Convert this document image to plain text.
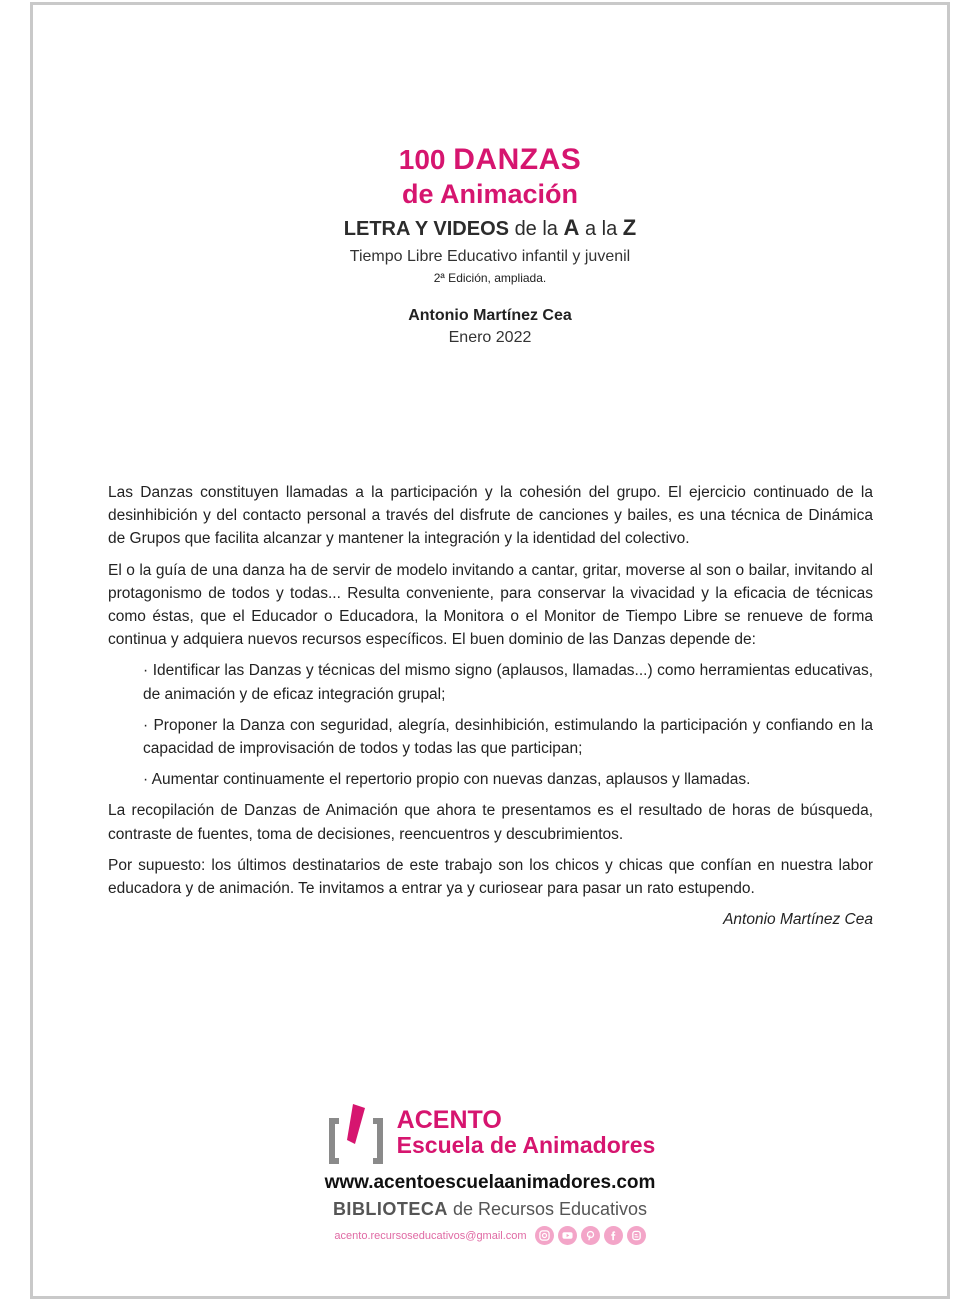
100 DANZAS
de Animación
LETRA Y VIDEOS de la A a la Z
Tiempo Libre Educativo infantil y juvenil
2ª Edición, ampliada.
Antonio Martínez Cea
Enero 2022

Las Danzas constituyen llamadas a la participación y la cohesión del grupo. El ejercicio continuado de la desinhibición y del contacto personal a través del disfrute de canciones y bailes, es una técnica de Dinámica de Grupos que facilita alcanzar y mantener la integración y la identidad del colectivo.

El o la guía de una danza ha de servir de modelo invitando a cantar, gritar, moverse al son o bailar, invitando al protagonismo de todos y todas... Resulta conveniente, para conservar la vivacidad y la eficacia de técnicas como éstas, que el Educador o Educadora, la Monitora o el Monitor de Tiempo Libre se renueve de forma continua y adquiera nuevos recursos específicos. El buen dominio de las Danzas depende de:

· Identificar las Danzas y técnicas del mismo signo (aplausos, llamadas...) como herramientas educativas, de animación y de eficaz integración grupal;
· Proponer la Danza con seguridad, alegría, desinhibición, estimulando la participación y confiando en la capacidad de improvisación de todos y todas las que participan;
· Aumentar continuamente el repertorio propio con nuevas danzas, aplausos y llamadas.

La recopilación de Danzas de Animación que ahora te presentamos es el resultado de horas de búsqueda, contraste de fuentes, toma de decisiones, reencuentros y descubrimientos.

Por supuesto: los últimos destinatarios de este trabajo son los chicos y chicas que confían en nuestra labor educadora y de animación. Te invitamos a entrar ya y curiosear para pasar un rato estupendo.

Antonio Martínez Cea
ACENTO
Escuela de Animadores
www.acentoescuelaanimadores.com
BIBLIOTECA de Recursos Educativos
acento.recursoseducativos@gmail.com
